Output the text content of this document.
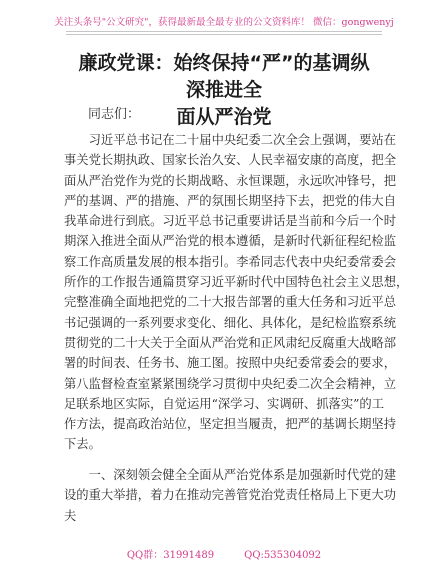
关注头条号"公文研究"，获得最新最全最专业的公文资料库！ 微信：gongwenyj
廉政党课：始终保持“严”的基调纵深推进全
面从严治党
同志们：
　　习近平总书记在二十届中央纪委二次全会上强调，要站在
事关党长期执政、国家长治久安、人民幸福安康的高度，把全
面从严治党作为党的长期战略、永恒课题，永远吹冲锋号，把
严的基调、严的措施、严的氛围长期坚持下去，把党的伟大自
我革命进行到底。习近平总书记重要讲话是当前和今后一个时
期深入推进全面从严治党的根本遵循，是新时代新征程纪检监
察工作高质量发展的根本指引。李希同志代表中央纪委常委会
所作的工作报告通篇贯穿习近平新时代中国特色社会主义思想，
完整准确全面地把党的二十大报告部署的重大任务和习近平总
书记强调的一系列要求变化、细化、具体化，是纪检监察系统
贯彻党的二十大关于全面从严治党和正风肃纪反腐重大战略部
署的时间表、任务书、施工图。按照中央纪委常委会的要求，
第八监督检查室紧紧围绕学习贯彻中央纪委二次全会精神，立
足联系地区实际，自觉运用“深学习、实调研、抓落实”的工
作方法，提高政治站位，坚定担当履责，把严的基调长期坚持
下去。
　　一、深刻领会健全全面从严治党体系是加强新时代党的建
设的重大举措，着力在推动完善管党治党责任格局上下更大功
夫
QQ群：31991489	QQ:535304092
